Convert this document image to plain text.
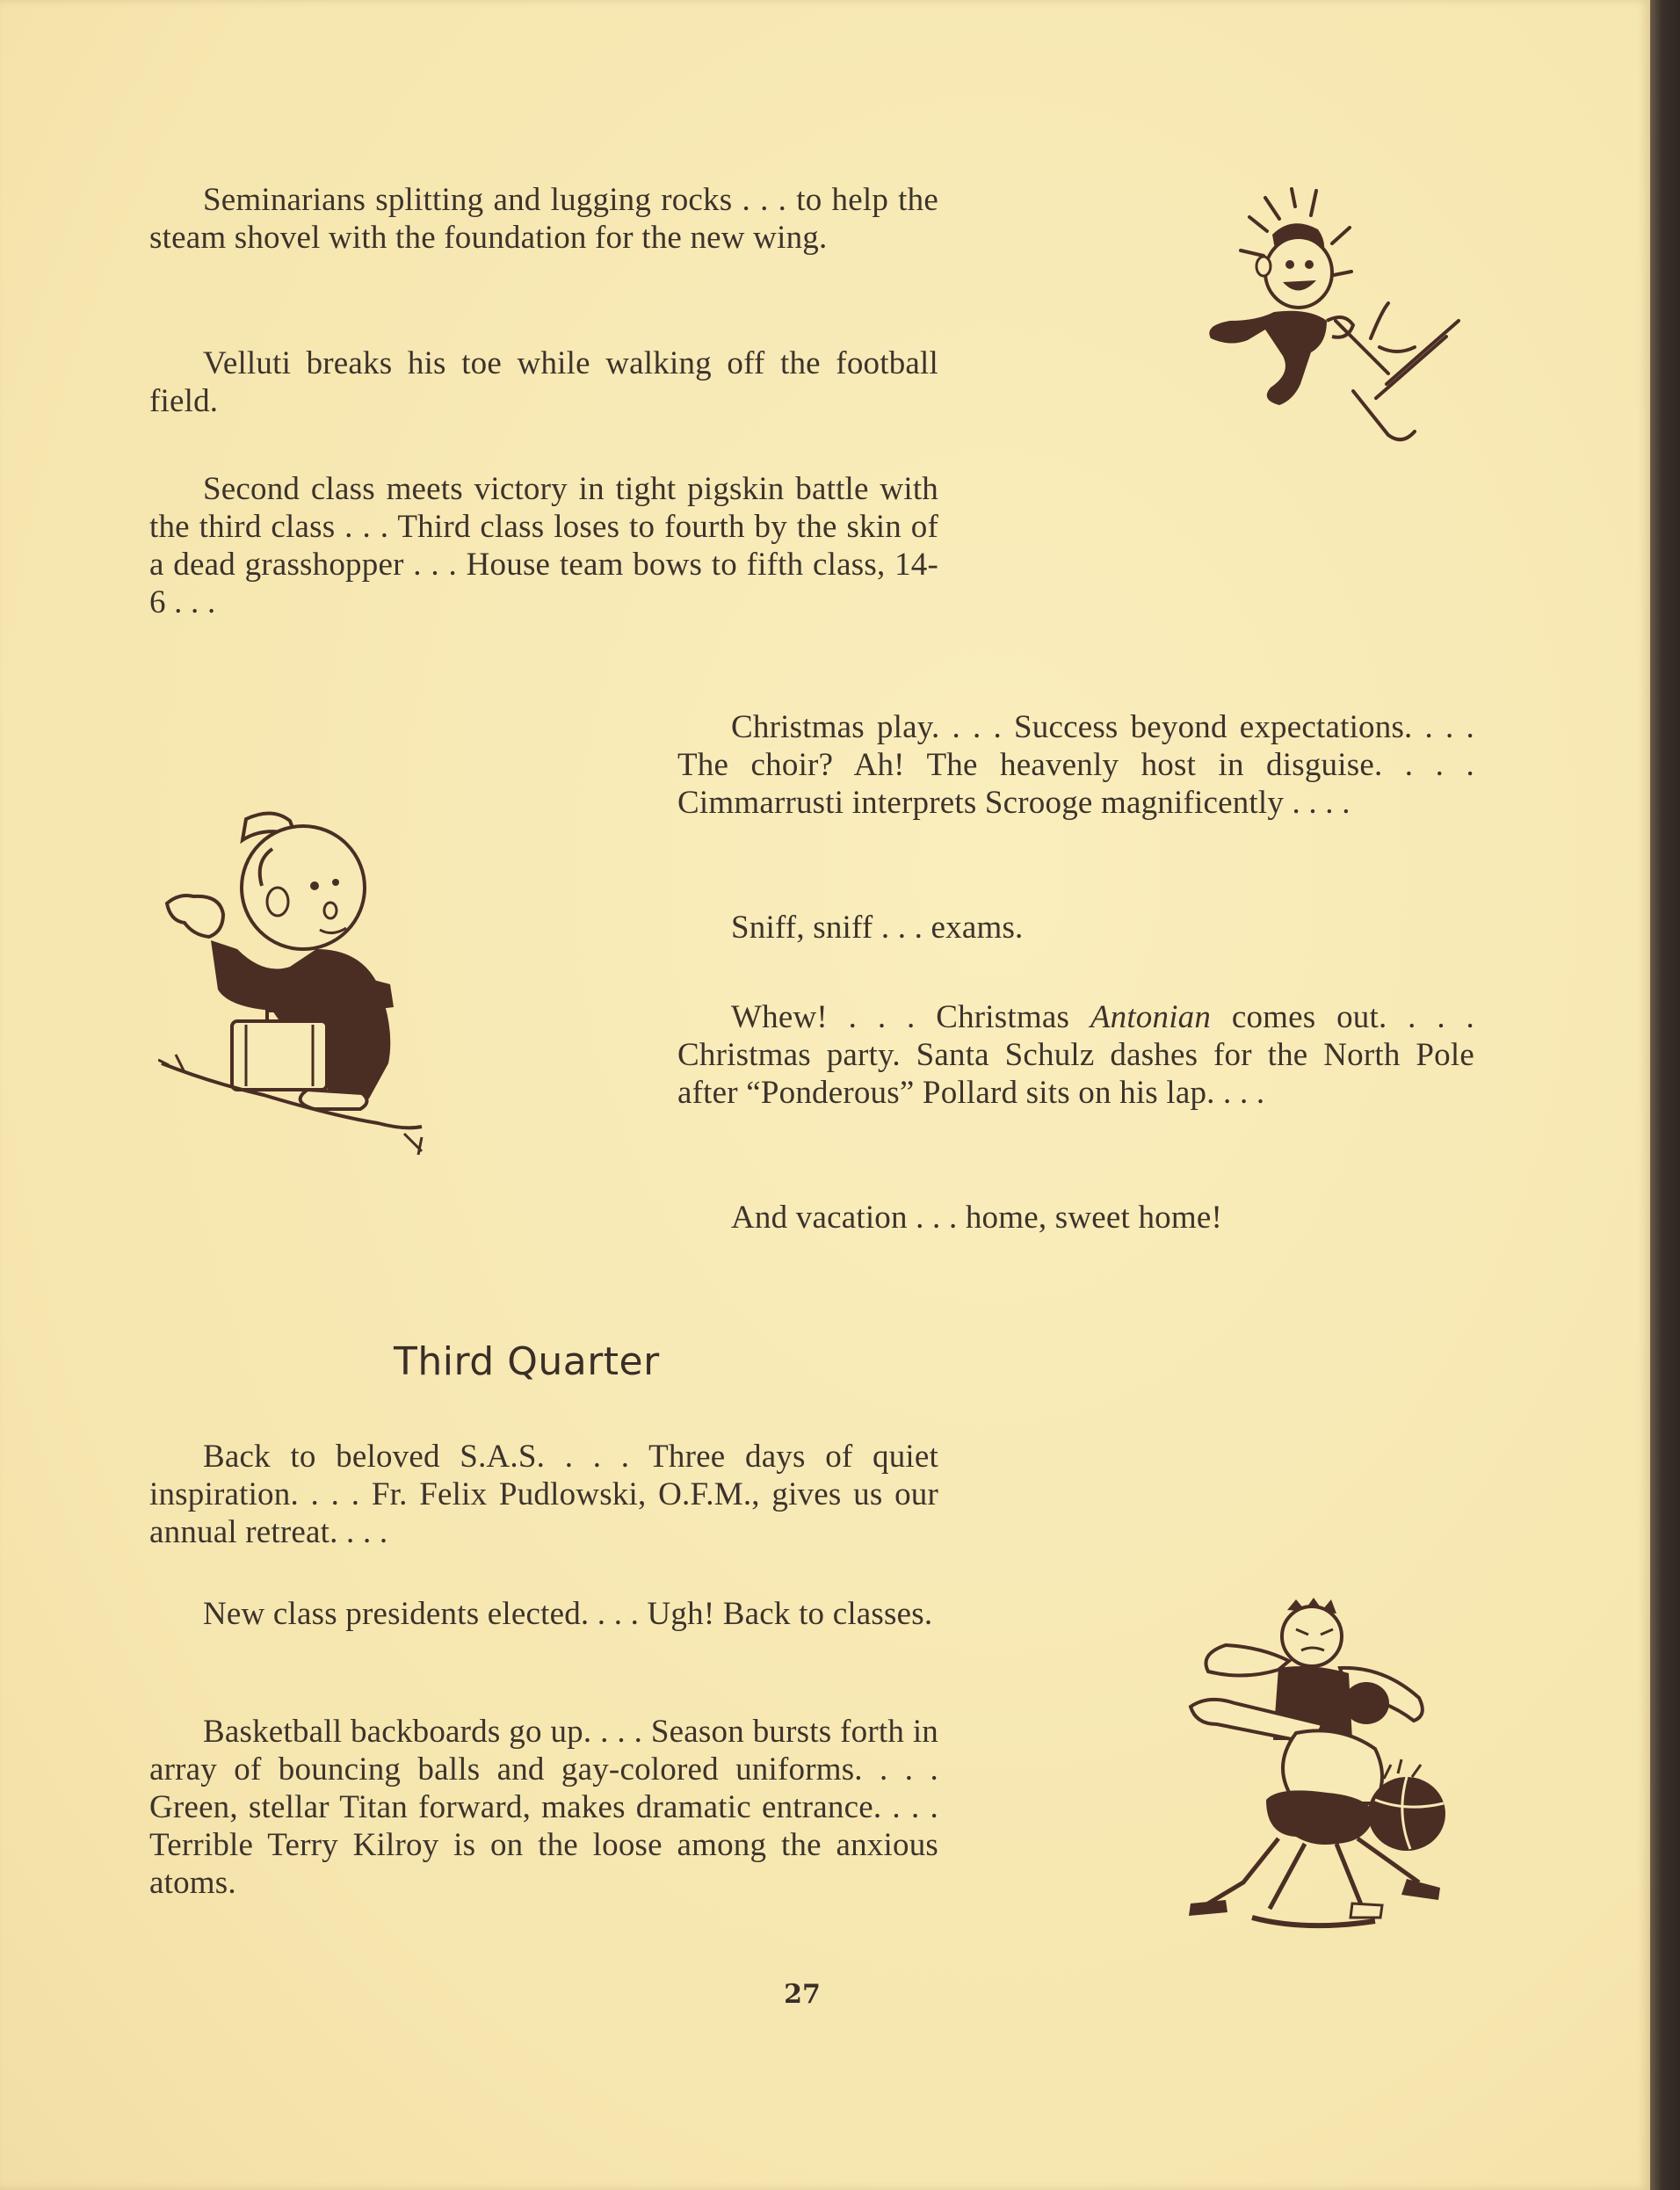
Seminarians splitting and lugging rocks . . . to help the steam shovel with the foundation for the new wing.

Velluti breaks his toe while walking off the football field.

Second class meets victory in tight pigskin battle with the third class . . . Third class loses to fourth by the skin of a dead grasshopper . . . House team bows to fifth class, 14-6 . . .

Christmas play. . . . Success beyond expectations. . . . The choir? Ah! The heavenly host in disguise. . . . Cimmarrusti interprets Scrooge magnificently . . . .

Sniff, sniff . . . exams.

Whew! . . . Christmas Antonian comes out. . . . Christmas party. Santa Schulz dashes for the North Pole after “Ponderous” Pollard sits on his lap. . . .

And vacation . . . home, sweet home!

Third Quarter

Back to beloved S.A.S. . . . Three days of quiet inspiration. . . . Fr. Felix Pudlowski, O.F.M., gives us our annual retreat. . . .

New class presidents elected. . . . Ugh! Back to classes.

Basketball backboards go up. . . . Season bursts forth in array of bouncing balls and gay-colored uniforms. . . . Green, stellar Titan forward, makes dramatic entrance. . . . Terrible Terry Kilroy is on the loose among the anxious atoms.

27
